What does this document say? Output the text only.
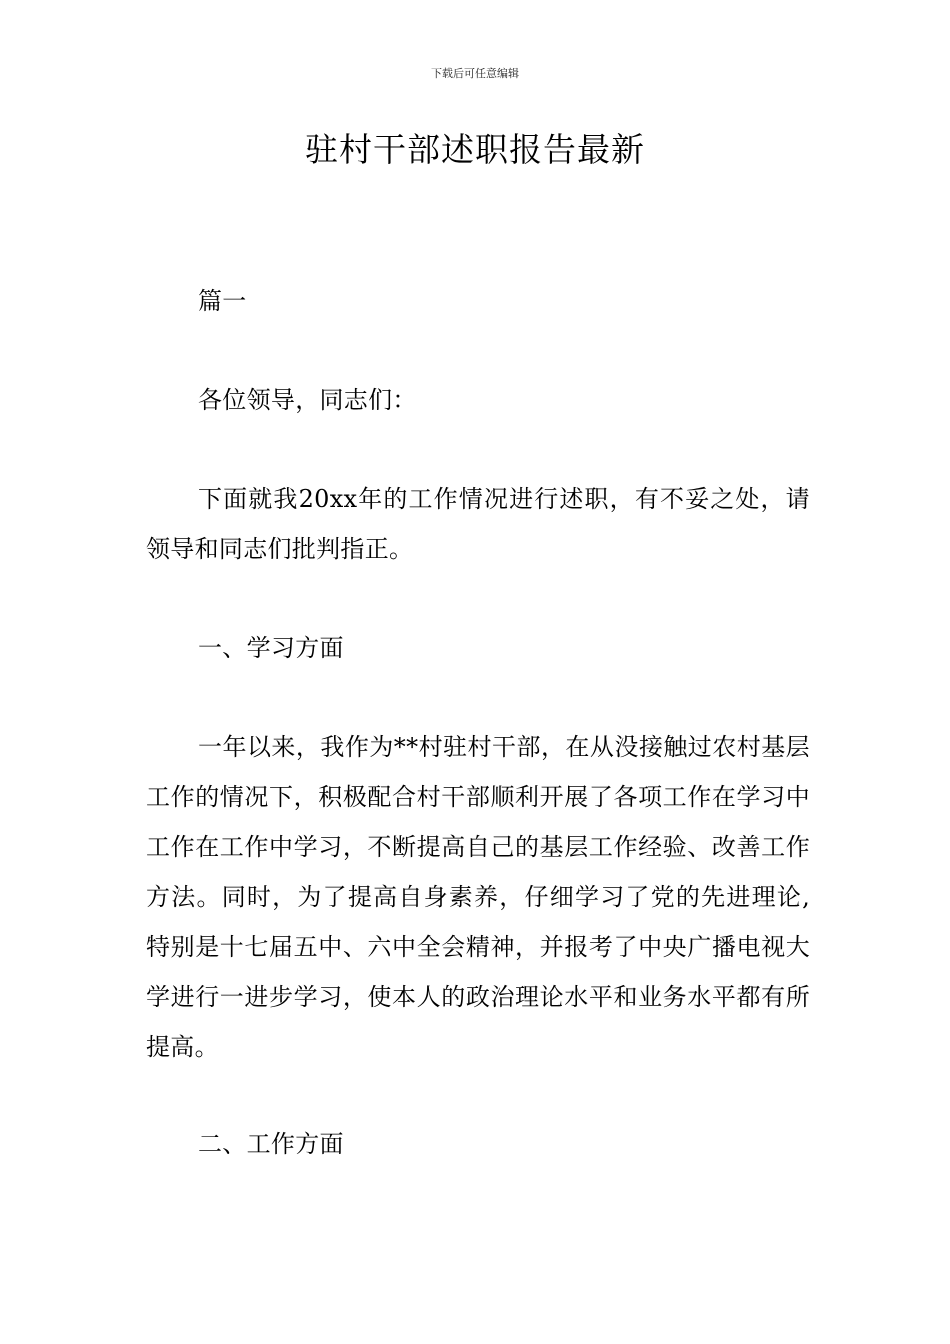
下载后可任意编辑
驻村干部述职报告最新
篇一
各位领导，同志们：
下面就我20xx年的工作情况进行述职，有不妥之处，请领导和同志们批判指正。
一、学习方面
一年以来，我作为**村驻村干部，在从没接触过农村基层工作的情况下，积极配合村干部顺利开展了各项工作在学习中工作在工作中学习，不断提高自己的基层工作经验、改善工作方法。同时，为了提高自身素养，仔细学习了党的先进理论,特别是十七届五中、六中全会精神，并报考了中央广播电视大学进行一进步学习，使本人的政治理论水平和业务水平都有所提高。
二、工作方面
